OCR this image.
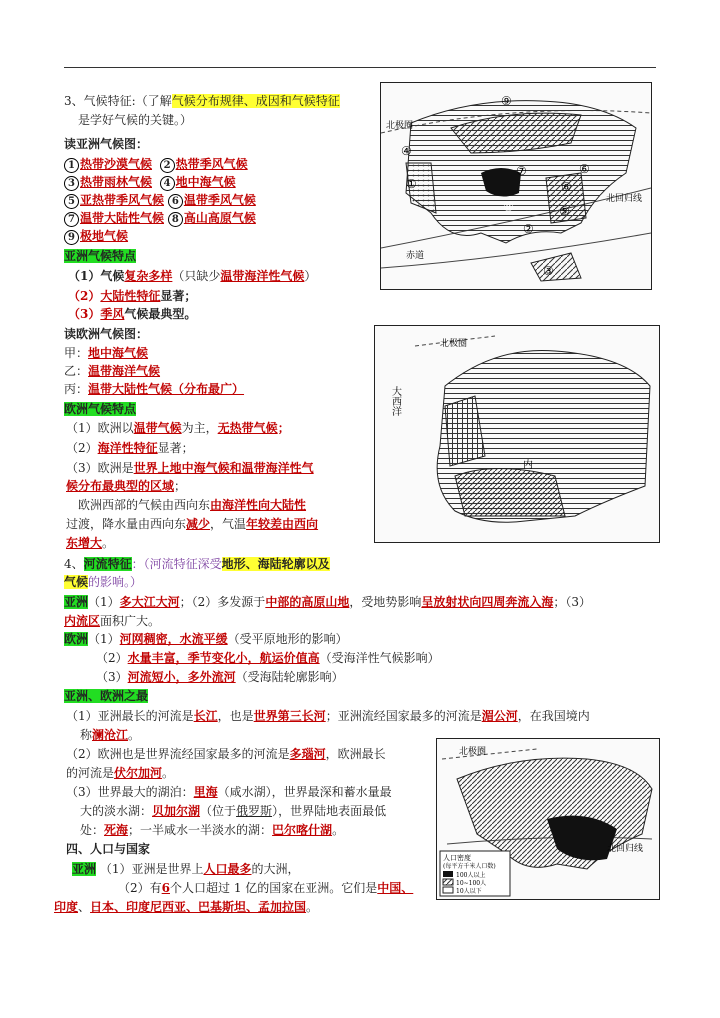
3、气候特征:（了解气候分布规律、成因和气候特征
是学好气候的关键。）
读亚洲气候图：
1 热带沙漠气候 2 热带季风气候
3 热带雨林气候 4 地中海气候
5 亚热带季风气候 6 温带季风气候
7 温带大陆性气候 8 高山高原气候
9 极地气候
亚洲气候特点
（1）气候复杂多样（只缺少温带海洋性气候）
（2）大陆性特征显著；
（3）季风气候最典型。
读欧洲气候图：
甲：地中海气候
乙：温带海洋气候
丙：温带大陆性气候（分布最广）
欧洲气候特点
（1）欧洲以温带气候为主，无热带气候；
（2）海洋性特征显著；
（3）欧洲是世界上地中海气候和温带海洋性气
候分布最典型的区域；
欧洲西部的气候由西向东由海洋性向大陆性
过渡，降水量由西向东减少，气温年较差由西向
东增大。
4、河流特征：（河流特征深受地形、海陆轮廓以及
气候的影响。）
亚洲（1）多大江大河；（2）多发源于中部的高原山地，受地势影响呈放射状向四周奔流入海；（3）
内流区面积广大。
欧洲（1）河网稠密，水流平缓（受平原地形的影响）
（2）水量丰富，季节变化小，航运价值高（受海洋性气候影响）
（3）河流短小，多外流河（受海陆轮廓影响）
亚洲、欧洲之最
（1）亚洲最长的河流是长江，也是世界第三长河；亚洲流经国家最多的河流是湄公河，在我国境内
称澜沧江。
（2）欧洲也是世界流经国家最多的河流是多瑙河，欧洲最长
的河流是伏尔加河。
（3）世界最大的湖泊：里海（咸水湖），世界最深和蓄水量最
大的淡水湖：贝加尔湖（位于俄罗斯），世界陆地表面最低
处：死海；一半咸水一半淡水的湖：巴尔喀什湖。
四、人口与国家
亚洲 （1）亚洲是世界上人口最多的大洲，
（2）有6个人口超过 1 亿的国家在亚洲。它们是中国、
印度、日本、印度尼西亚、巴基斯坦、孟加拉国。
⑨
④
①
⑦
⑧
⑥
⑤
②
③
⑥
北极圈
赤道
北回归线
北极圈
大西洋
内
北极圈
北回归线
人口密度
(每平方千米人口数)
100人以上
10~100人
10人以下
